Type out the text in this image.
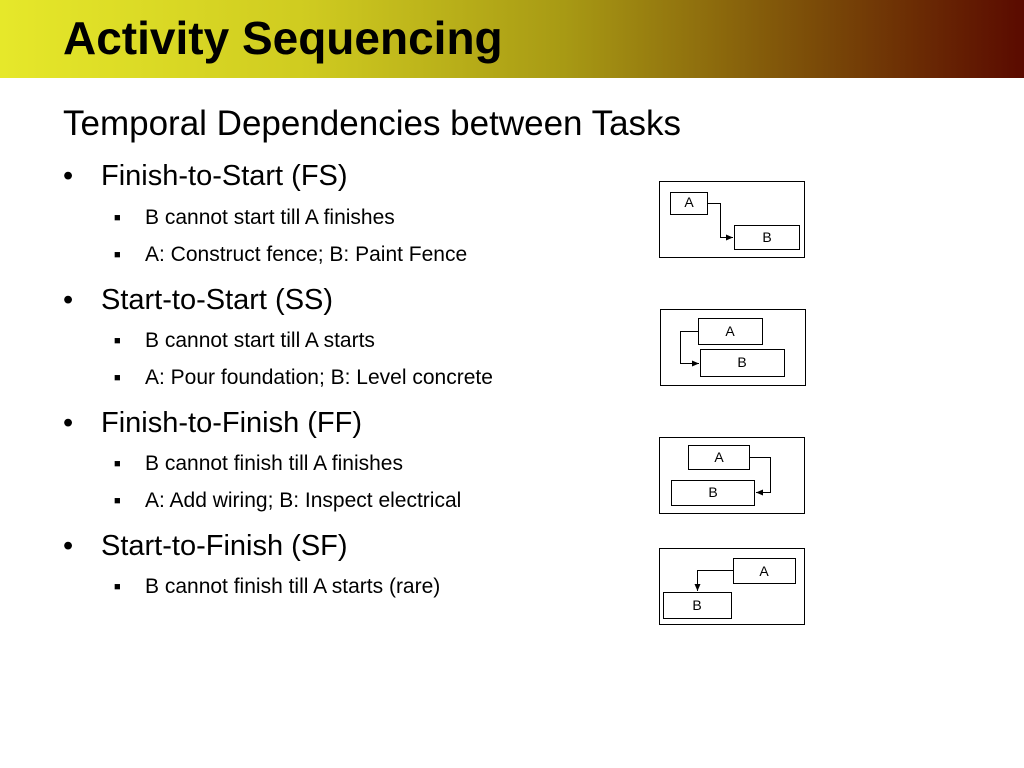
Activity Sequencing
Temporal Dependencies between Tasks
• Finish-to-Start (FS)
■ B cannot start till A finishes
■ A: Construct fence; B: Paint Fence
• Start-to-Start (SS)
■ B cannot start till A starts
■ A: Pour foundation; B: Level concrete
• Finish-to-Finish (FF)
■ B cannot finish till A finishes
■ A: Add wiring; B: Inspect electrical
• Start-to-Finish (SF)
■ B cannot finish till A starts (rare)
A
B
A
B
A
B
A
B
